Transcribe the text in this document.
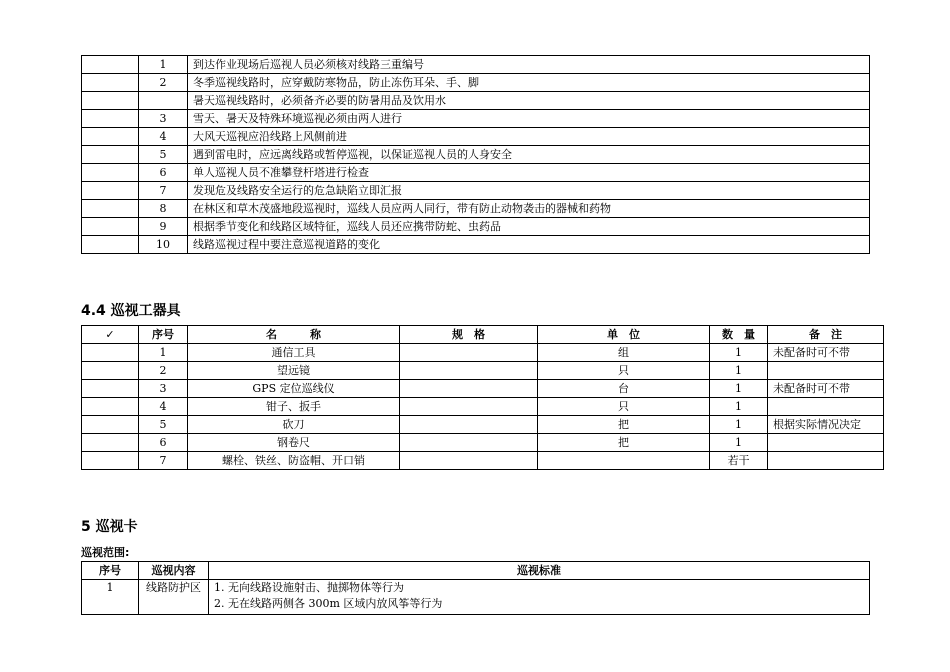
	1	到达作业现场后巡视人员必须核对线路三重编号
	2	冬季巡视线路时，应穿戴防寒物品，防止冻伤耳朵、手、脚
		暑天巡视线路时，必须备齐必要的防暑用品及饮用水
	3	雪天、暑天及特殊环境巡视必须由两人进行
	4	大风天巡视应沿线路上风侧前进
	5	遇到雷电时，应远离线路或暂停巡视，以保证巡视人员的人身安全
	6	单人巡视人员不准攀登杆塔进行检查
	7	发现危及线路安全运行的危急缺陷立即汇报
	8	在林区和草木茂盛地段巡视时，巡线人员应两人同行，带有防止动物袭击的器械和药物
	9	根据季节变化和线路区域特征，巡线人员还应携带防蛇、虫药品
	10	线路巡视过程中要注意巡视道路的变化
4.4 巡视工器具
✓	序号	名　　　称	规　格	单　位	数　量	备　注
	1	通信工具		组	1	未配备时可不带
	2	望远镜		只	1	
	3	GPS 定位巡线仪		台	1	未配备时可不带
	4	钳子、扳手		只	1	
	5	砍刀		把	1	根据实际情况决定
	6	钢卷尺		把	1	
	7	螺栓、铁丝、防盗帽、开口销			若干	
5 巡视卡

巡视范围:

序号	巡视内容	巡视标准
1	线路防护区	1. 无向线路设施射击、抛掷物体等行为
2. 无在线路两侧各 300m 区域内放风筝等行为
